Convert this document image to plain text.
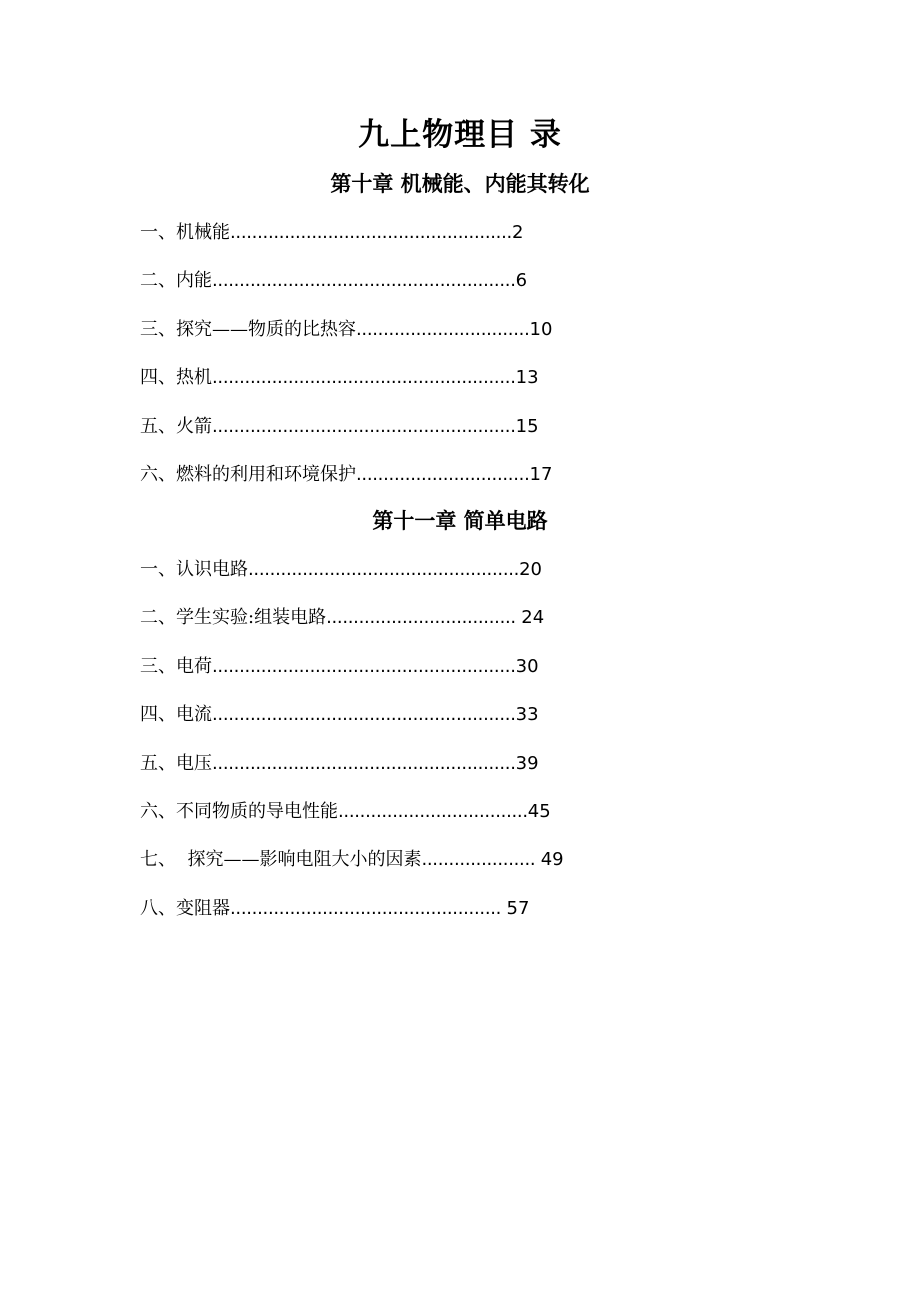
九上物理目 录
第十章 机械能、内能其转化
一、机械能....................................................2
二、内能........................................................6
三、探究——物质的比热容................................10
四、热机........................................................13
五、火箭........................................................15
六、燃料的利用和环境保护................................17
第十一章 简单电路
一、认识电路..................................................20
二、学生实验:组装电路................................... 24
三、电荷........................................................30
四、电流........................................................33
五、电压........................................................39
六、不同物质的导电性能...................................45
七、  探究——影响电阻大小的因素..................... 49
八、变阻器.................................................. 57
